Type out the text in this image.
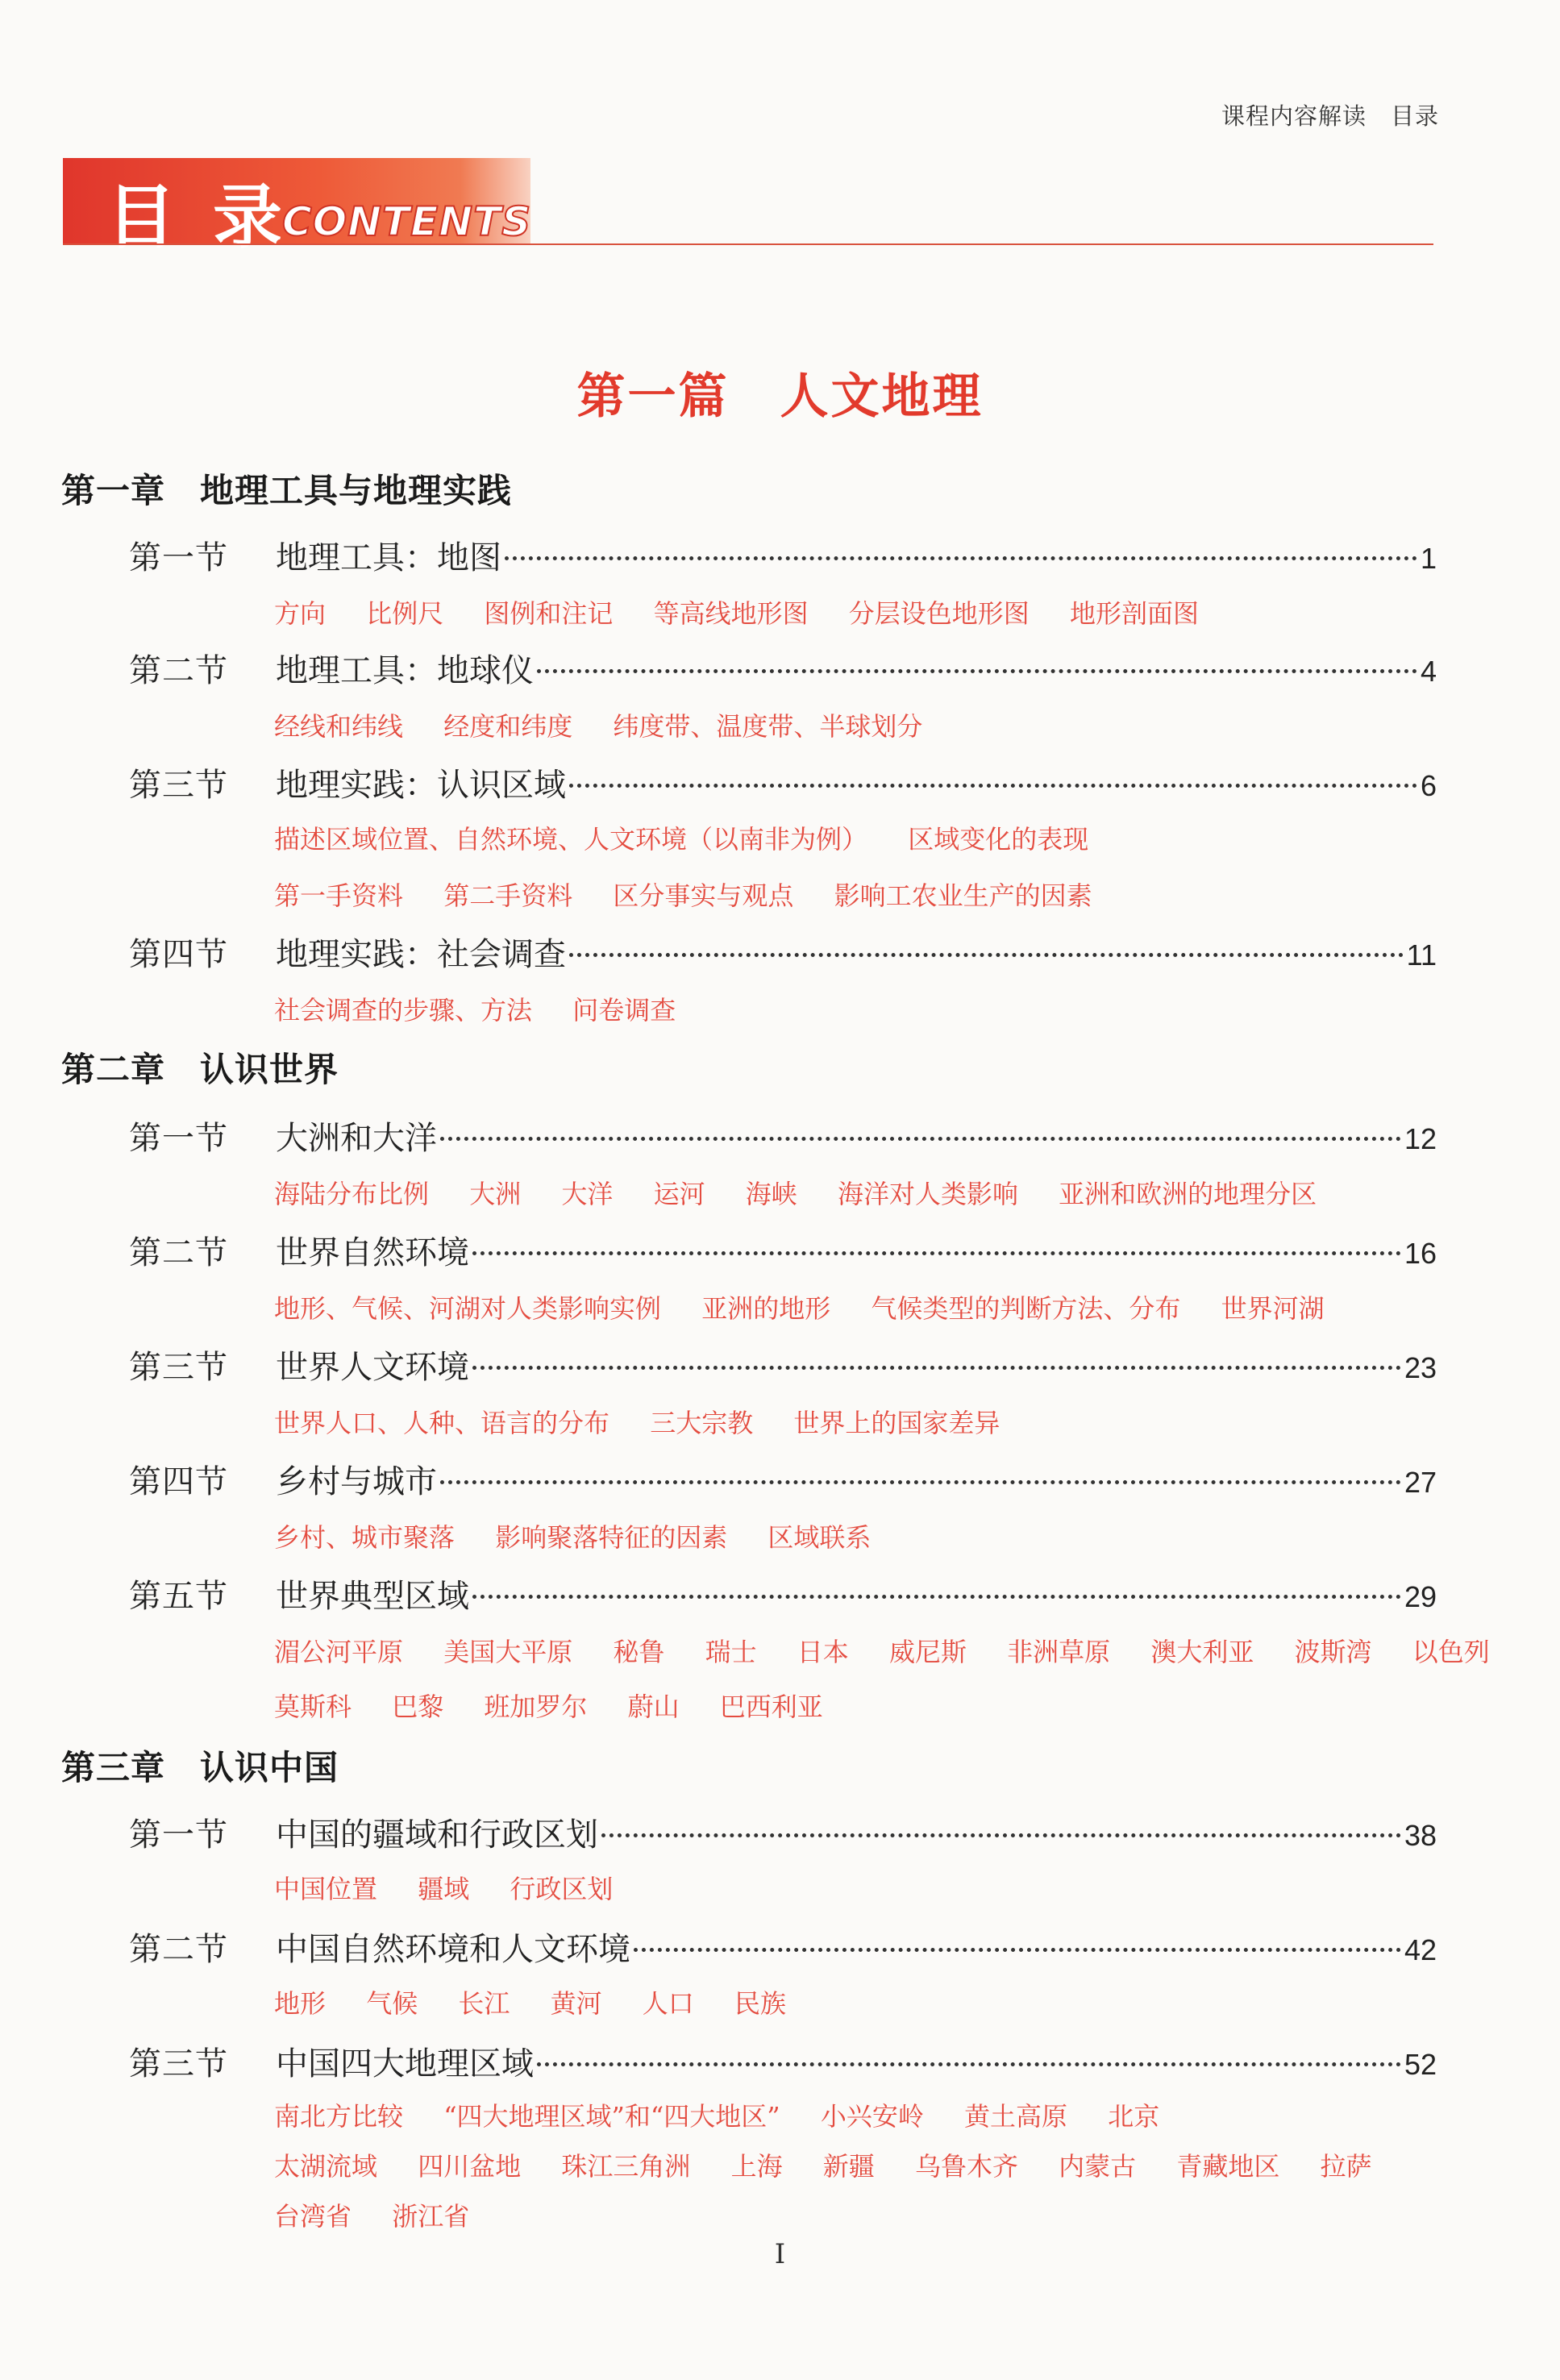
课程内容解读　目录
目 录
CONTENTS
第一篇　人文地理
第一章　地理工具与地理实践
第一节	地理工具：地图	1
方向 比例尺 图例和注记 等高线地形图 分层设色地形图 地形剖面图
第二节	地理工具：地球仪	4
经线和纬线 经度和纬度 纬度带、温度带、半球划分
第三节	地理实践：认识区域	6
描述区域位置、自然环境、人文环境（以南非为例） 区域变化的表现
第一手资料 第二手资料 区分事实与观点 影响工农业生产的因素
第四节	地理实践：社会调查	11
社会调查的步骤、方法 问卷调查
第二章　认识世界
第一节	大洲和大洋	12
海陆分布比例 大洲 大洋 运河 海峡 海洋对人类影响 亚洲和欧洲的地理分区
第二节	世界自然环境	16
地形、气候、河湖对人类影响实例 亚洲的地形 气候类型的判断方法、分布 世界河湖
第三节	世界人文环境	23
世界人口、人种、语言的分布 三大宗教 世界上的国家差异
第四节	乡村与城市	27
乡村、城市聚落 影响聚落特征的因素 区域联系
第五节	世界典型区域	29
湄公河平原 美国大平原 秘鲁 瑞士 日本 威尼斯 非洲草原 澳大利亚 波斯湾 以色列
莫斯科 巴黎 班加罗尔 蔚山 巴西利亚
第三章　认识中国
第一节	中国的疆域和行政区划	38
中国位置 疆域 行政区划
第二节	中国自然环境和人文环境	42
地形 气候 长江 黄河 人口 民族
第三节	中国四大地理区域	52
南北方比较 “四大地理区域”和“四大地区” 小兴安岭 黄土高原 北京
太湖流域 四川盆地 珠江三角洲 上海 新疆 乌鲁木齐 内蒙古 青藏地区 拉萨
台湾省 浙江省
I
